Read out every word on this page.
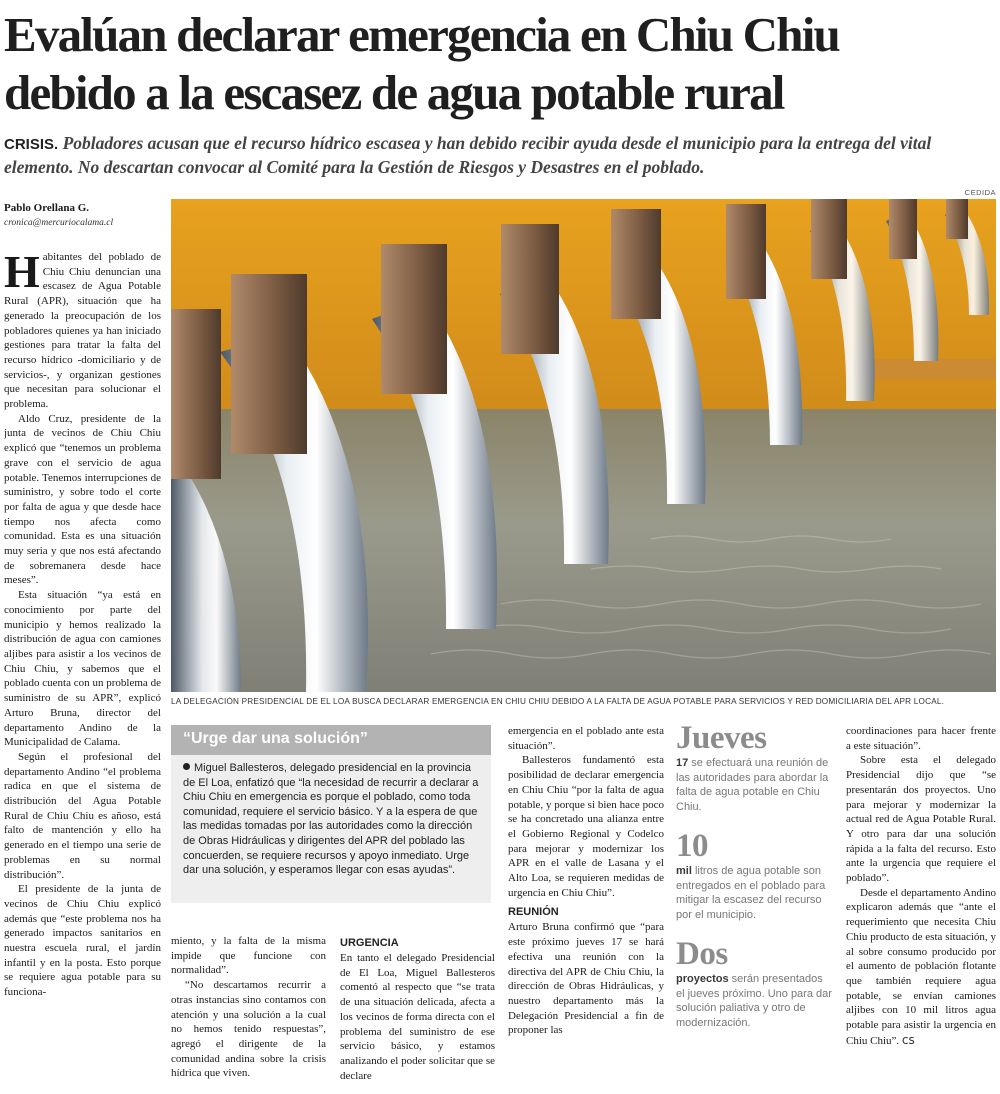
Evalúan declarar emergencia en Chiu Chiu
debido a la escasez de agua potable rural
CRISIS. Pobladores acusan que el recurso hídrico escasea y han debido recibir ayuda desde el municipio para la entrega del vital elemento. No descartan convocar al Comité para la Gestión de Riesgos y Desastres en el poblado.
CEDIDA
Pablo Orellana G.
cronica@mercuriocalama.cl

Habitantes del poblado de Chiu Chiu denuncian una escasez de Agua Potable Rural (APR), situación que ha generado la preocupación de los pobladores quienes ya han iniciado gestiones para tratar la falta del recurso hídrico -domiciliario y de servicios-, y organizan gestiones que necesitan para solucionar el problema.

Aldo Cruz, presidente de la junta de vecinos de Chiu Chiu explicó que “tenemos un problema grave con el servicio de agua potable. Tenemos interrupciones de suministro, y sobre todo el corte por falta de agua y que desde hace tiempo nos afecta como comunidad. Esta es una situación muy seria y que nos está afectando de sobremanera desde hace meses”.

Esta situación “ya está en conocimiento por parte del municipio y hemos realizado la distribución de agua con camiones aljibes para asistir a los vecinos de Chiu Chiu, y sabemos que el poblado cuenta con un problema de suministro de su APR”, explicó Arturo Bruna, director del departamento Andino de la Municipalidad de Calama.

Según el profesional del departamento Andino “el problema radica en que el sistema de distribución del Agua Potable Rural de Chiu Chiu es añoso, está falto de mantención y ello ha generado en el tiempo una serie de problemas en su normal distribución”.

El presidente de la junta de vecinos de Chiu Chiu explicó además que “este problema nos ha generado impactos sanitarios en nuestra escuela rural, el jardín infantil y en la posta. Esto porque se requiere agua potable para su funciona-

LA DELEGACIÓN PRESIDENCIAL DE EL LOA BUSCA DECLARAR EMERGENCIA EN CHIU CHIU DEBIDO A LA FALTA DE AGUA POTABLE PARA SERVICIOS Y RED DOMICILIARIA DEL APR LOCAL.
“Urge dar una solución”
Miguel Ballesteros, delegado presidencial en la provincia de El Loa, enfatizó que “la necesidad de recurrir a declarar a Chiu Chiu en emergencia es porque el poblado, como toda comunidad, requiere el servicio básico. Y a la espera de que las medidas tomadas por las autoridades como la dirección de Obras Hidráulicas y dirigentes del APR del poblado las concuerden, se requiere recursos y apoyo inmediato. Urge dar una solución, y esperamos llegar con esas ayudas”.

miento, y la falta de la misma impide que funcione con normalidad”.

“No descartamos recurrir a otras instancias sino contamos con atención y una solución a la cual no hemos tenido respuestas”, agregó el dirigente de la comunidad andina sobre la crisis hídrica que viven.

URGENCIA

En tanto el delegado Presidencial de El Loa, Miguel Ballesteros comentó al respecto que “se trata de una situación delicada, afecta a los vecinos de forma directa con el problema del suministro de ese servicio básico, y estamos analizando el poder solicitar que se declare

emergencia en el poblado ante esta situación”.

Ballesteros fundamentó esta posibilidad de declarar emergencia en Chiu Chiu “por la falta de agua potable, y porque si bien hace poco se ha concretado una alianza entre el Gobierno Regional y Codelco para mejorar y modernizar los APR en el valle de Lasana y el Alto Loa, se requieren medidas de urgencia en Chiu Chiu”.

REUNIÓN

Arturo Bruna confirmó que “para este próximo jueves 17 se hará efectiva una reunión con la directiva del APR de Chiu Chiu, la dirección de Obras Hidráulicas, y nuestro departamento más la Delegación Presidencial a fin de proponer las

Jueves
17 se efectuará una reunión de las autoridades para abordar la falta de agua potable en Chiu Chiu.
10
mil litros de agua potable son entregados en el poblado para mitigar la escasez del recurso por el municipio.
Dos
proyectos serán presentados el jueves próximo. Uno para dar solución paliativa y otro de modernización.

coordinaciones para hacer frente a este situación”.

Sobre esta el delegado Presidencial dijo que “se presentarán dos proyectos. Uno para mejorar y modernizar la actual red de Agua Potable Rural. Y otro para dar una solución rápida a la falta del recurso. Esto ante la urgencia que requiere el poblado”.

Desde el departamento Andino explicaron además que “ante el requerimiento que necesita Chiu Chiu producto de esta situación, y al sobre consumo producido por el aumento de población flotante que también requiere agua potable, se envían camiones aljibes con 10 mil litros agua potable para asistir la urgencia en Chiu Chiu”. cs
